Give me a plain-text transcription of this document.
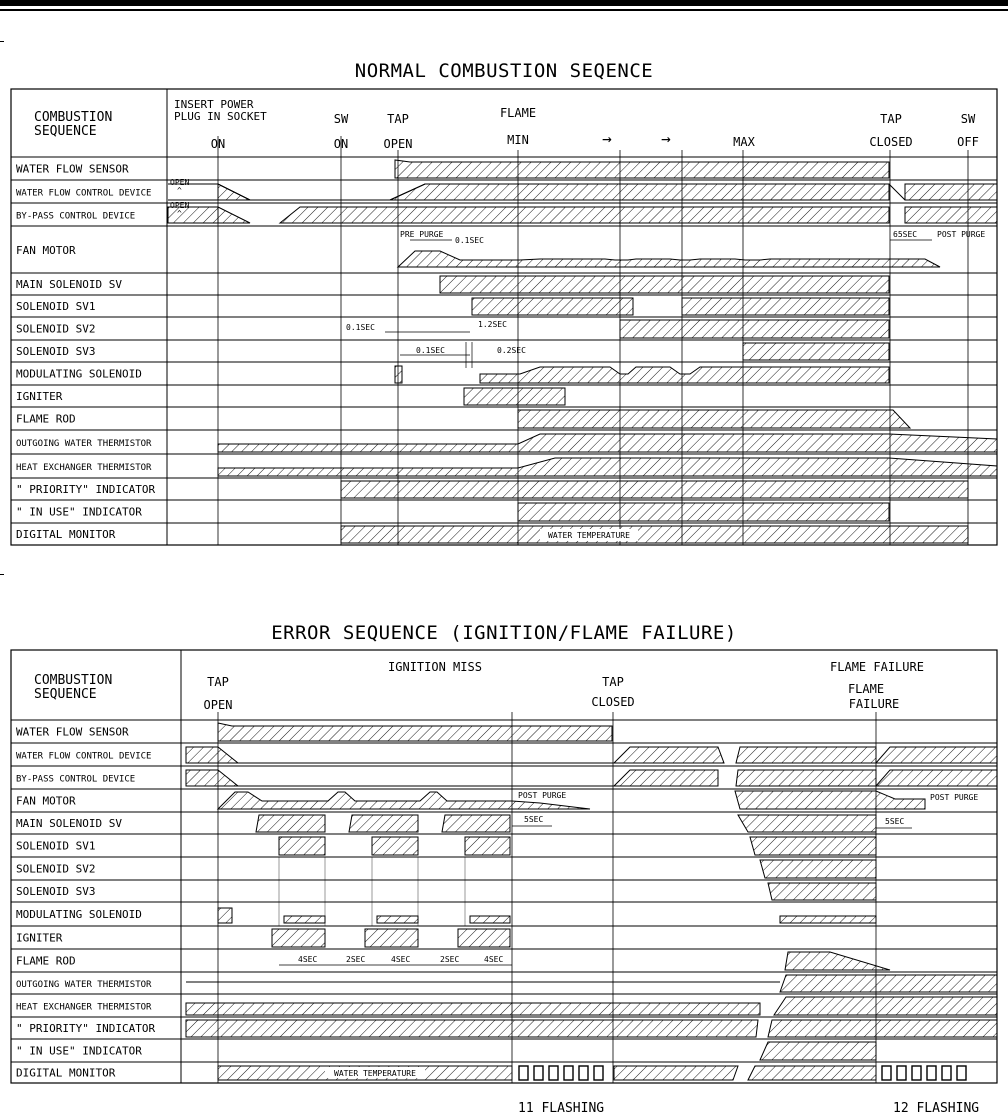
NORMAL COMBUSTION SEQENCE
ERROR SEQUENCE (IGNITION/FLAME FAILURE)
COMBUSTION
SEQUENCE
INSERT POWER
PLUG IN SOCKET
ON
SW
ON
TAP
OPEN
FLAME
MIN	→	→	MAX
TAP
CLOSED
SW
OFF
WATER FLOW SENSOR
WATER FLOW CONTROL DEVICE
BY-PASS CONTROL DEVICE
FAN MOTOR
MAIN SOLENOID SV
SOLENOID SV1
SOLENOID SV2
SOLENOID SV3
MODULATING SOLENOID
IGNITER
FLAME ROD
OUTGOING WATER THERMISTOR
HEAT EXCHANGER THERMISTOR
" PRIORITY" INDICATOR
" IN USE" INDICATOR
DIGITAL MONITOR
OPEN
^
OPEN
^
PRE PURGE
0.1SEC
65SEC POST PURGE
0.1SEC	1.2SEC
0.1SEC	0.2SEC
WATER TEMPERATURE
COMBUSTION
SEQUENCE
TAP
OPEN
IGNITION MISS
TAP
CLOSED
FLAME FAILURE
FLAME
FAILURE
WATER FLOW SENSOR
WATER FLOW CONTROL DEVICE
BY-PASS CONTROL DEVICE
FAN MOTOR
MAIN SOLENOID SV
SOLENOID SV1
SOLENOID SV2
SOLENOID SV3
MODULATING SOLENOID
IGNITER
FLAME ROD
OUTGOING WATER THERMISTOR
HEAT EXCHANGER THERMISTOR
" PRIORITY" INDICATOR
" IN USE" INDICATOR
DIGITAL MONITOR
POST PURGE	POST PURGE
5SEC	5SEC
4SEC	2SEC	4SEC	2SEC	4SEC
WATER TEMPERATURE
11 FLASHING	12 FLASHING
